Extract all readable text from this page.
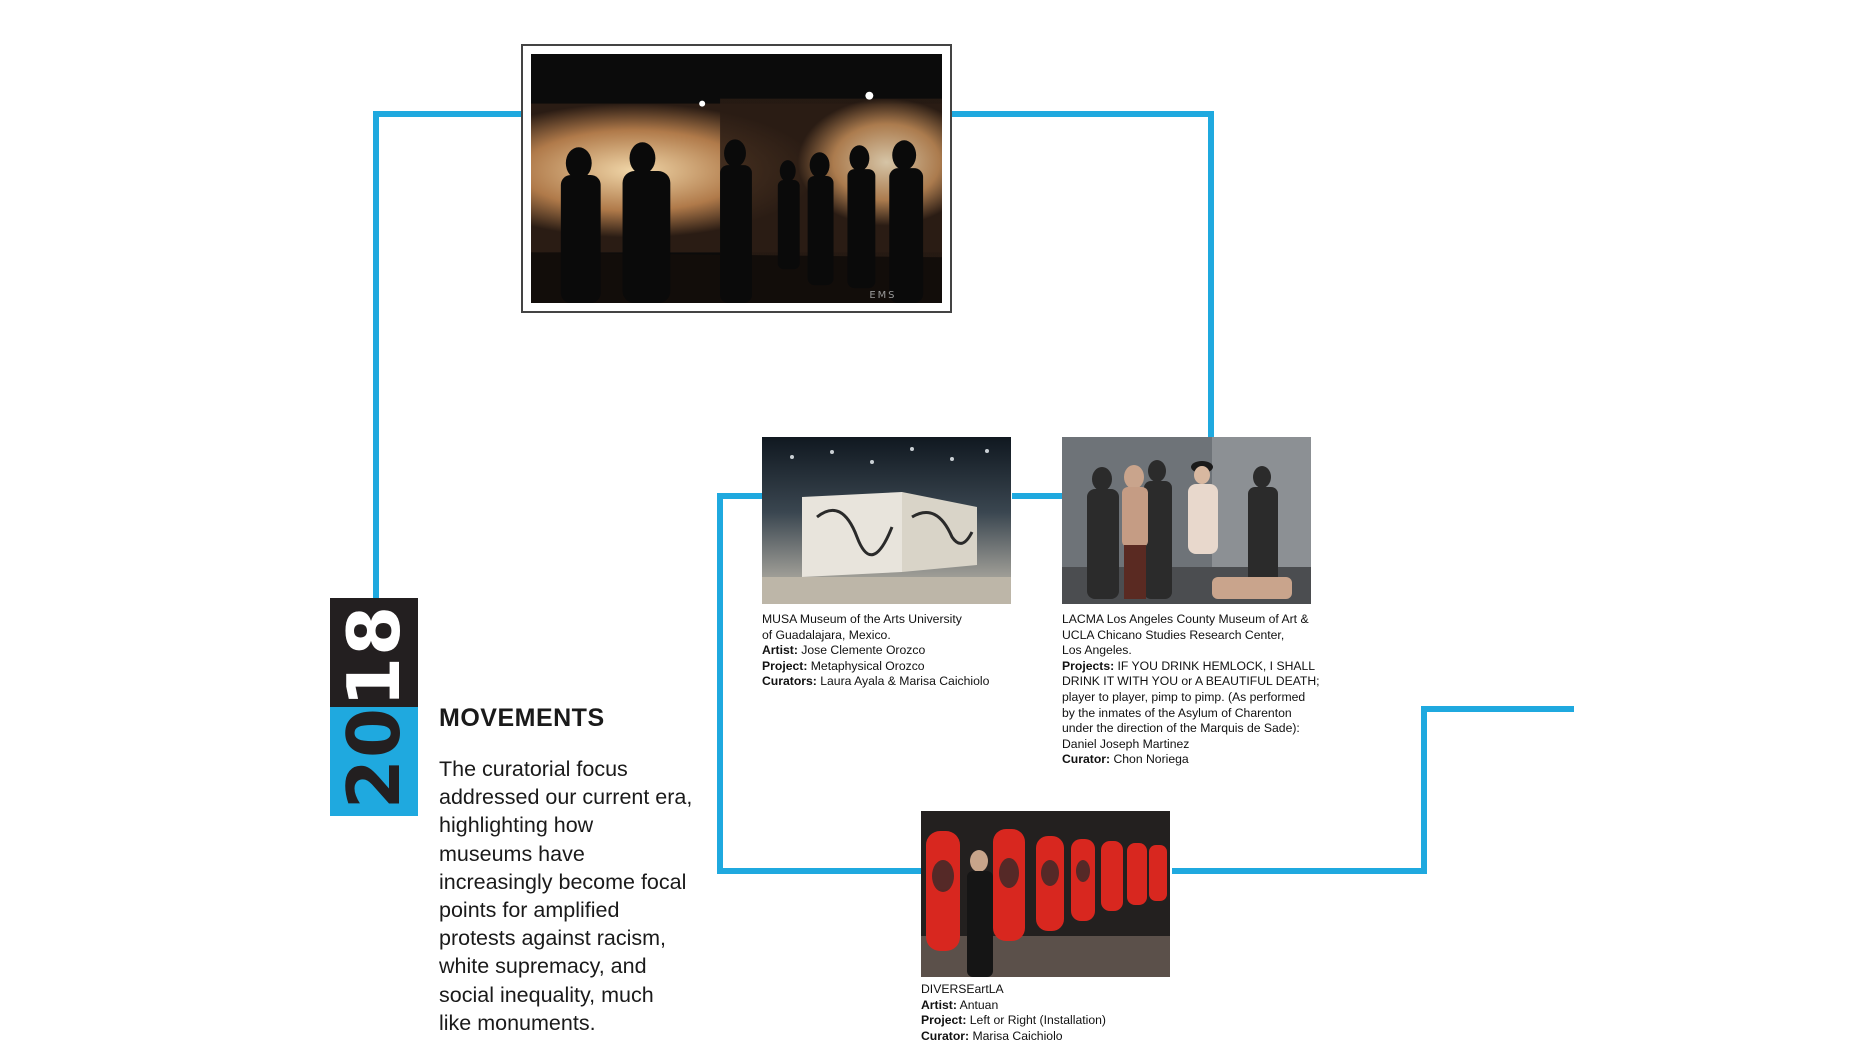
EMS
MUSA Museum of the Arts University
of Guadalajara, Mexico.
Artist: Jose Clemente Orozco
Project: Metaphysical Orozco
Curators: Laura Ayala & Marisa Caichiolo
LACMA Los Angeles County Museum of Art &
UCLA Chicano Studies Research Center,
Los Angeles.
Projects: IF YOU DRINK HEMLOCK, I SHALL
DRINK IT WITH YOU or A BEAUTIFUL DEATH;
player to player, pimp to pimp. (As performed
by the inmates of the Asylum of Charenton
under the direction of the Marquis de Sade):
Daniel Joseph Martinez
Curator: Chon Noriega
DIVERSEartLA
Artist: Antuan
Project: Left or Right (Installation)
Curator: Marisa Caichiolo
2018
MOVEMENTS
The curatorial focus
addressed our current era,
highlighting how
museums have
increasingly become focal
points for amplified
protests against racism,
white supremacy, and
social inequality, much
like monuments.
